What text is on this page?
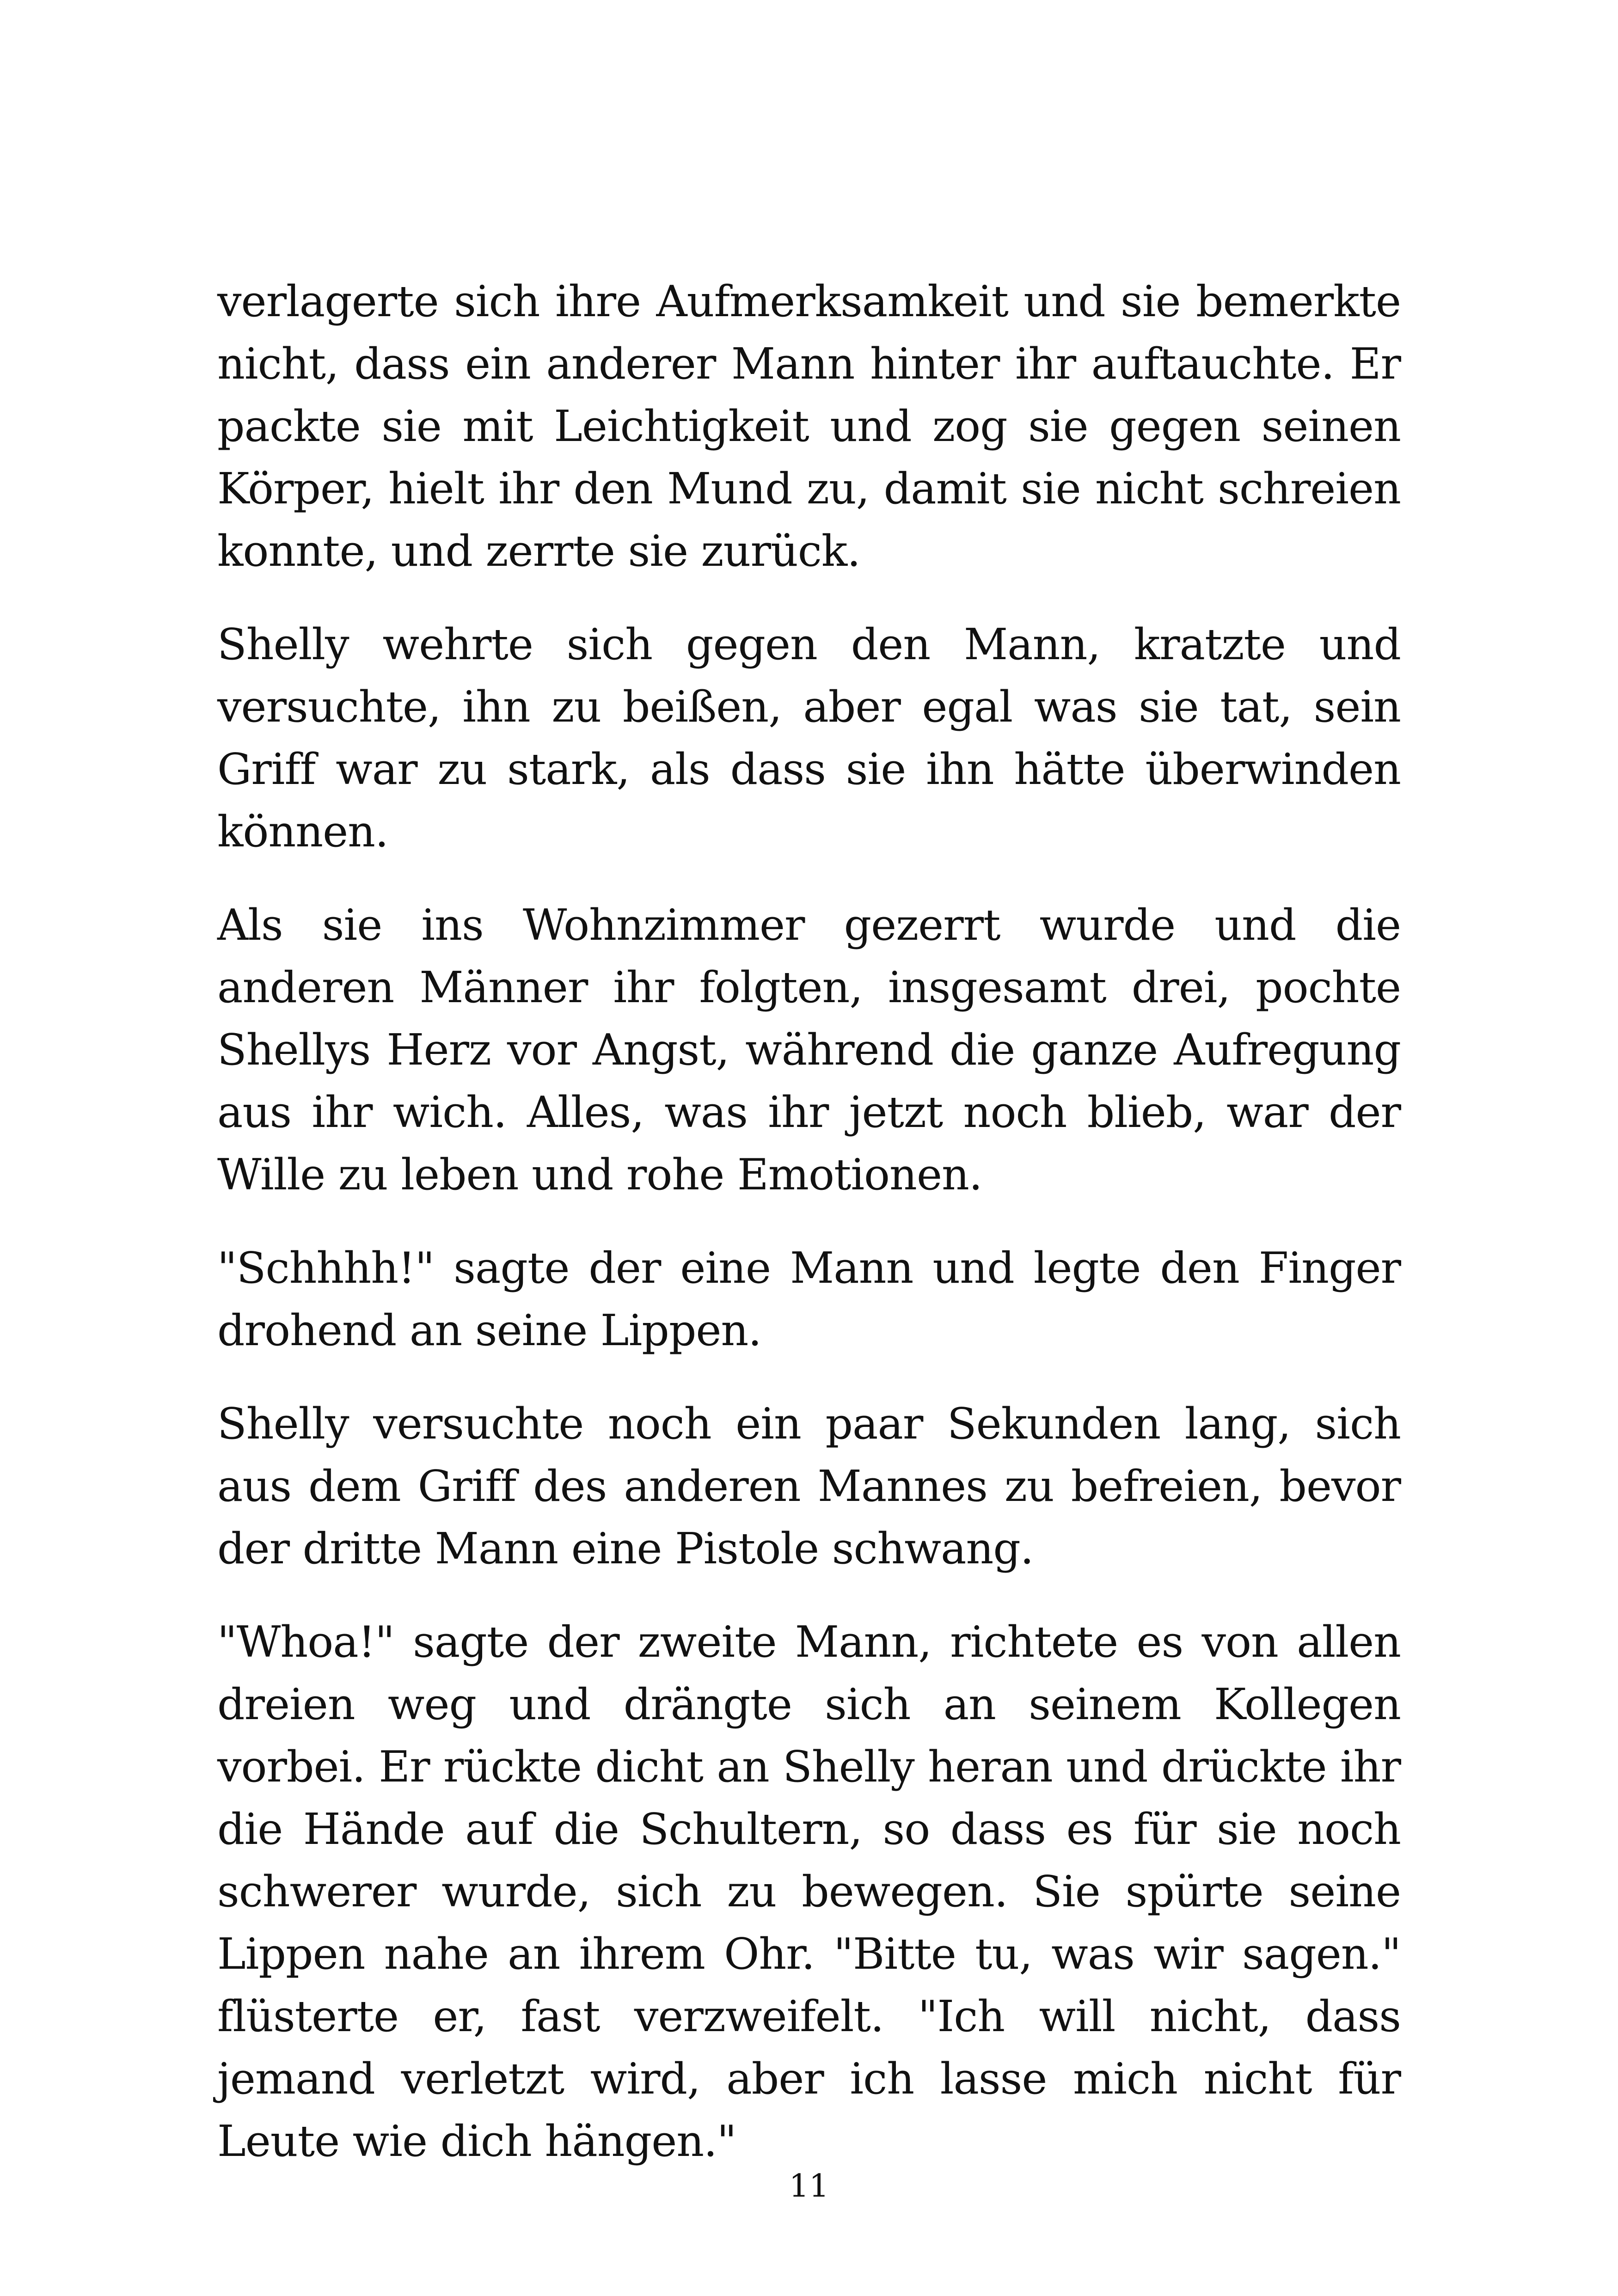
verlagerte sich ihre Aufmerksamkeit und sie bemerkte nicht, dass ein anderer Mann hinter ihr auftauchte. Er packte sie mit Leichtigkeit und zog sie gegen seinen Körper, hielt ihr den Mund zu, damit sie nicht schreien konnte, und zerrte sie zurück.

Shelly wehrte sich gegen den Mann, kratzte und versuchte, ihn zu beißen, aber egal was sie tat, sein Griff war zu stark, als dass sie ihn hätte überwinden können.

Als sie ins Wohnzimmer gezerrt wurde und die anderen Männer ihr folgten, insgesamt drei, pochte Shellys Herz vor Angst, während die ganze Aufregung aus ihr wich. Alles, was ihr jetzt noch blieb, war der Wille zu leben und rohe Emotionen.

"Schhhh!" sagte der eine Mann und legte den Finger drohend an seine Lippen.

Shelly versuchte noch ein paar Sekunden lang, sich aus dem Griff des anderen Mannes zu befreien, bevor der dritte Mann eine Pistole schwang.

"Whoa!" sagte der zweite Mann, richtete es von allen dreien weg und drängte sich an seinem Kollegen vorbei. Er rückte dicht an Shelly heran und drückte ihr die Hände auf die Schultern, so dass es für sie noch schwerer wurde, sich zu bewegen. Sie spürte seine Lippen nahe an ihrem Ohr. "Bitte tu, was wir sagen." flüsterte er, fast verzweifelt. "Ich will nicht, dass jemand verletzt wird, aber ich lasse mich nicht für Leute wie dich hängen."

11
